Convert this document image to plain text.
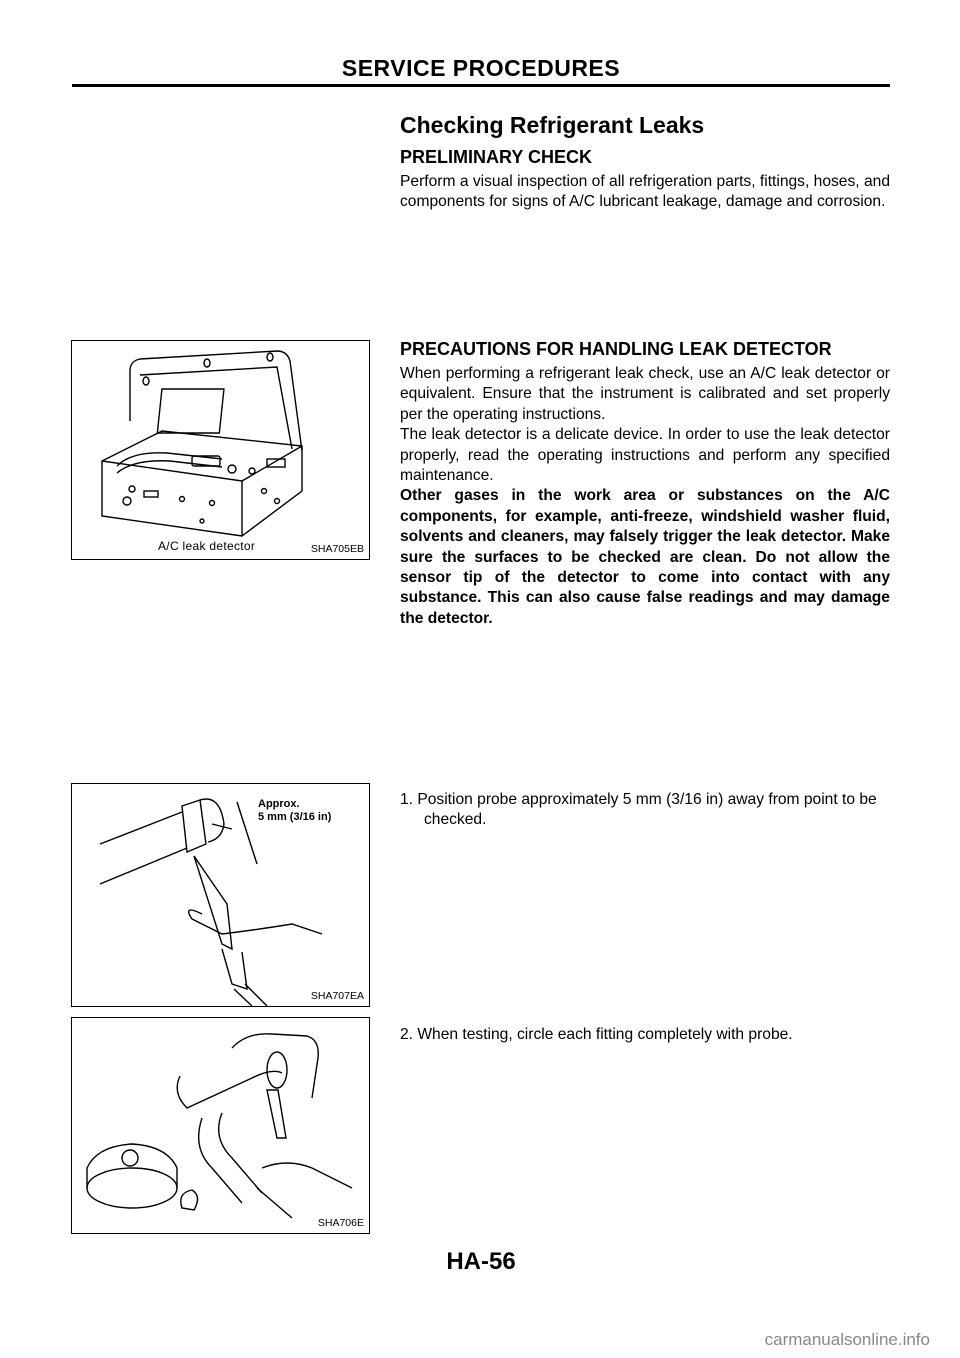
SERVICE PROCEDURES
Checking Refrigerant Leaks
PRELIMINARY CHECK

Perform a visual inspection of all refrigeration parts, fittings, hoses, and components for signs of A/C lubricant leakage, damage and corrosion.

PRECAUTIONS FOR HANDLING LEAK DETECTOR

When performing a refrigerant leak check, use an A/C leak detector or equivalent. Ensure that the instrument is calibrated and set properly per the operating instructions.

The leak detector is a delicate device. In order to use the leak detector properly, read the operating instructions and perform any specified maintenance.

Other gases in the work area or substances on the A/C components, for example, anti-freeze, windshield washer fluid, solvents and cleaners, may falsely trigger the leak detector. Make sure the surfaces to be checked are clean. Do not allow the sensor tip of the detector to come into contact with any substance. This can also cause false readings and may damage the detector.

1. Position probe approximately 5 mm (3/16 in) away from point to be checked.

2. When testing, circle each fitting completely with probe.

A/C leak detector	SHA705EB
Approx.
5 mm (3/16 in)
SHA707EA
SHA706E
HA-56
carmanualsonline.info
